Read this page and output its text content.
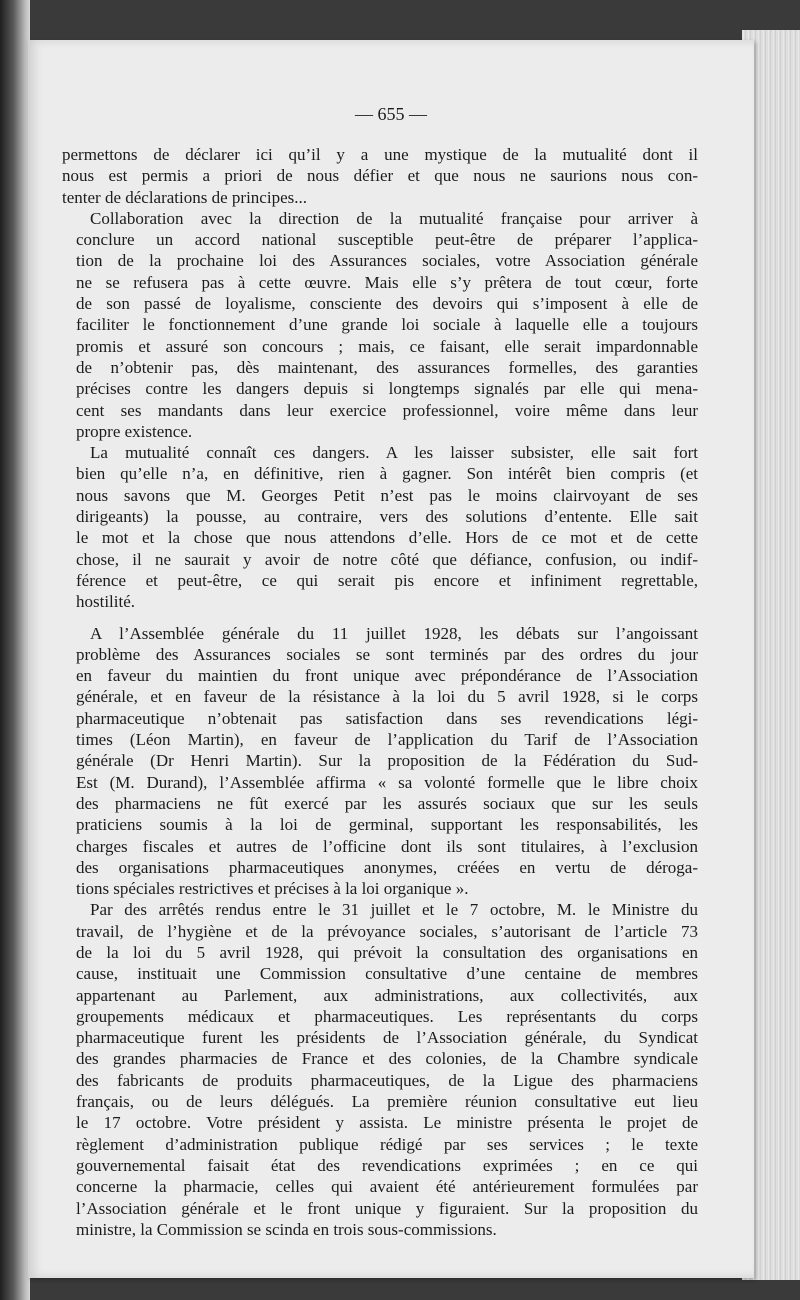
— 655 —
permettons de déclarer ici qu’il y a une mystique de la mutualité dont il
nous est permis a priori de nous défier et que nous ne saurions nous con-
tenter de déclarations de principes...
Collaboration avec la direction de la mutualité française pour arriver à
conclure un accord national susceptible peut-être de préparer l’applica-
tion de la prochaine loi des Assurances sociales, votre Association générale
ne se refusera pas à cette œuvre. Mais elle s’y prêtera de tout cœur, forte
de son passé de loyalisme, consciente des devoirs qui s’imposent à elle de
faciliter le fonctionnement d’une grande loi sociale à laquelle elle a toujours
promis et assuré son concours ; mais, ce faisant, elle serait impardonnable
de n’obtenir pas, dès maintenant, des assurances formelles, des garanties
précises contre les dangers depuis si longtemps signalés par elle qui mena-
cent ses mandants dans leur exercice professionnel, voire même dans leur
propre existence.
La mutualité connaît ces dangers. A les laisser subsister, elle sait fort
bien qu’elle n’a, en définitive, rien à gagner. Son intérêt bien compris (et
nous savons que M. Georges Petit n’est pas le moins clairvoyant de ses
dirigeants) la pousse, au contraire, vers des solutions d’entente. Elle sait
le mot et la chose que nous attendons d’elle. Hors de ce mot et de cette
chose, il ne saurait y avoir de notre côté que défiance, confusion, ou indif-
férence et peut-être, ce qui serait pis encore et infiniment regrettable,
hostilité.
A l’Assemblée générale du 11 juillet 1928, les débats sur l’angoissant
problème des Assurances sociales se sont terminés par des ordres du jour
en faveur du maintien du front unique avec prépondérance de l’Association
générale, et en faveur de la résistance à la loi du 5 avril 1928, si le corps
pharmaceutique n’obtenait pas satisfaction dans ses revendications légi-
times (Léon Martin), en faveur de l’application du Tarif de l’Association
générale (Dr Henri Martin). Sur la proposition de la Fédération du Sud-
Est (M. Durand), l’Assemblée affirma « sa volonté formelle que le libre choix
des pharmaciens ne fût exercé par les assurés sociaux que sur les seuls
praticiens soumis à la loi de germinal, supportant les responsabilités, les
charges fiscales et autres de l’officine dont ils sont titulaires, à l’exclusion
des organisations pharmaceutiques anonymes, créées en vertu de déroga-
tions spéciales restrictives et précises à la loi organique ».
Par des arrêtés rendus entre le 31 juillet et le 7 octobre, M. le Ministre du
travail, de l’hygiène et de la prévoyance sociales, s’autorisant de l’article 73
de la loi du 5 avril 1928, qui prévoit la consultation des organisations en
cause, instituait une Commission consultative d’une centaine de membres
appartenant au Parlement, aux administrations, aux collectivités, aux
groupements médicaux et pharmaceutiques. Les représentants du corps
pharmaceutique furent les présidents de l’Association générale, du Syndicat
des grandes pharmacies de France et des colonies, de la Chambre syndicale
des fabricants de produits pharmaceutiques, de la Ligue des pharmaciens
français, ou de leurs délégués. La première réunion consultative eut lieu
le 17 octobre. Votre président y assista. Le ministre présenta le projet de
règlement d’administration publique rédigé par ses services ; le texte
gouvernemental faisait état des revendications exprimées ; en ce qui
concerne la pharmacie, celles qui avaient été antérieurement formulées par
l’Association générale et le front unique y figuraient. Sur la proposition du
ministre, la Commission se scinda en trois sous-commissions.
